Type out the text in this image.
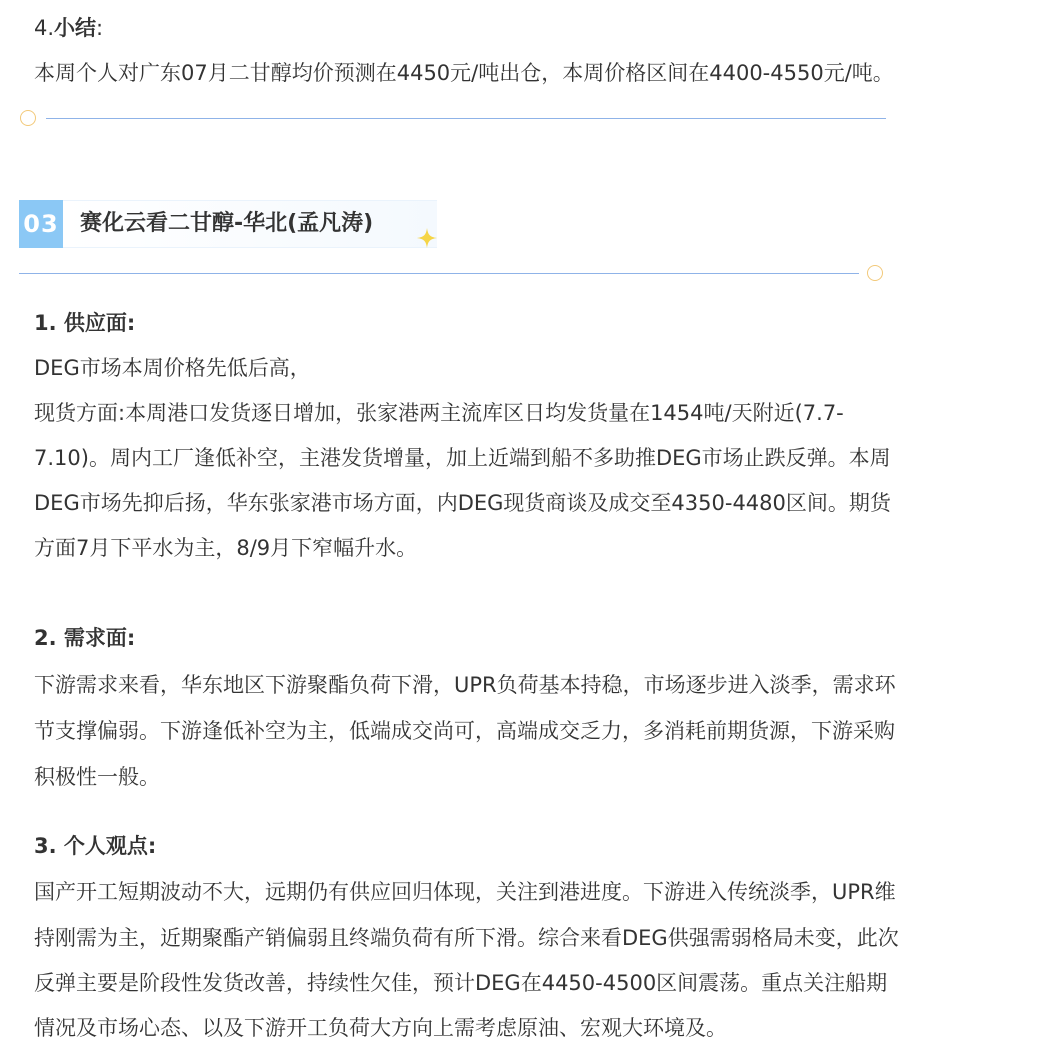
4.小结:
本周个人对广东07月二甘醇均价预测在4450元/吨出仓，本周价格区间在4400-4550元/吨。
03 赛化云看二甘醇-华北(孟凡涛)
1. 供应面:
DEG市场本周价格先低后高，
现货方面:本周港口发货逐日增加，张家港两主流库区日均发货量在1454吨/天附近(7.7-
7.10)。周内工厂逢低补空，主港发货增量，加上近端到船不多助推DEG市场止跌反弹。本周
DEG市场先抑后扬，华东张家港市场方面，内DEG现货商谈及成交至4350-4480区间。期货
方面7月下平水为主，8/9月下窄幅升水。
2. 需求面:
下游需求来看，华东地区下游聚酯负荷下滑，UPR负荷基本持稳，市场逐步进入淡季，需求环
节支撑偏弱。下游逢低补空为主，低端成交尚可，高端成交乏力，多消耗前期货源，下游采购
积极性一般。
3. 个人观点:
国产开工短期波动不大，远期仍有供应回归体现，关注到港进度。下游进入传统淡季，UPR维
持刚需为主，近期聚酯产销偏弱且终端负荷有所下滑。综合来看DEG供强需弱格局未变，此次
反弹主要是阶段性发货改善，持续性欠佳，预计DEG在4450-4500区间震荡。重点关注船期
情况及市场心态、以及下游开工负荷大方向上需考虑原油、宏观大环境及。
